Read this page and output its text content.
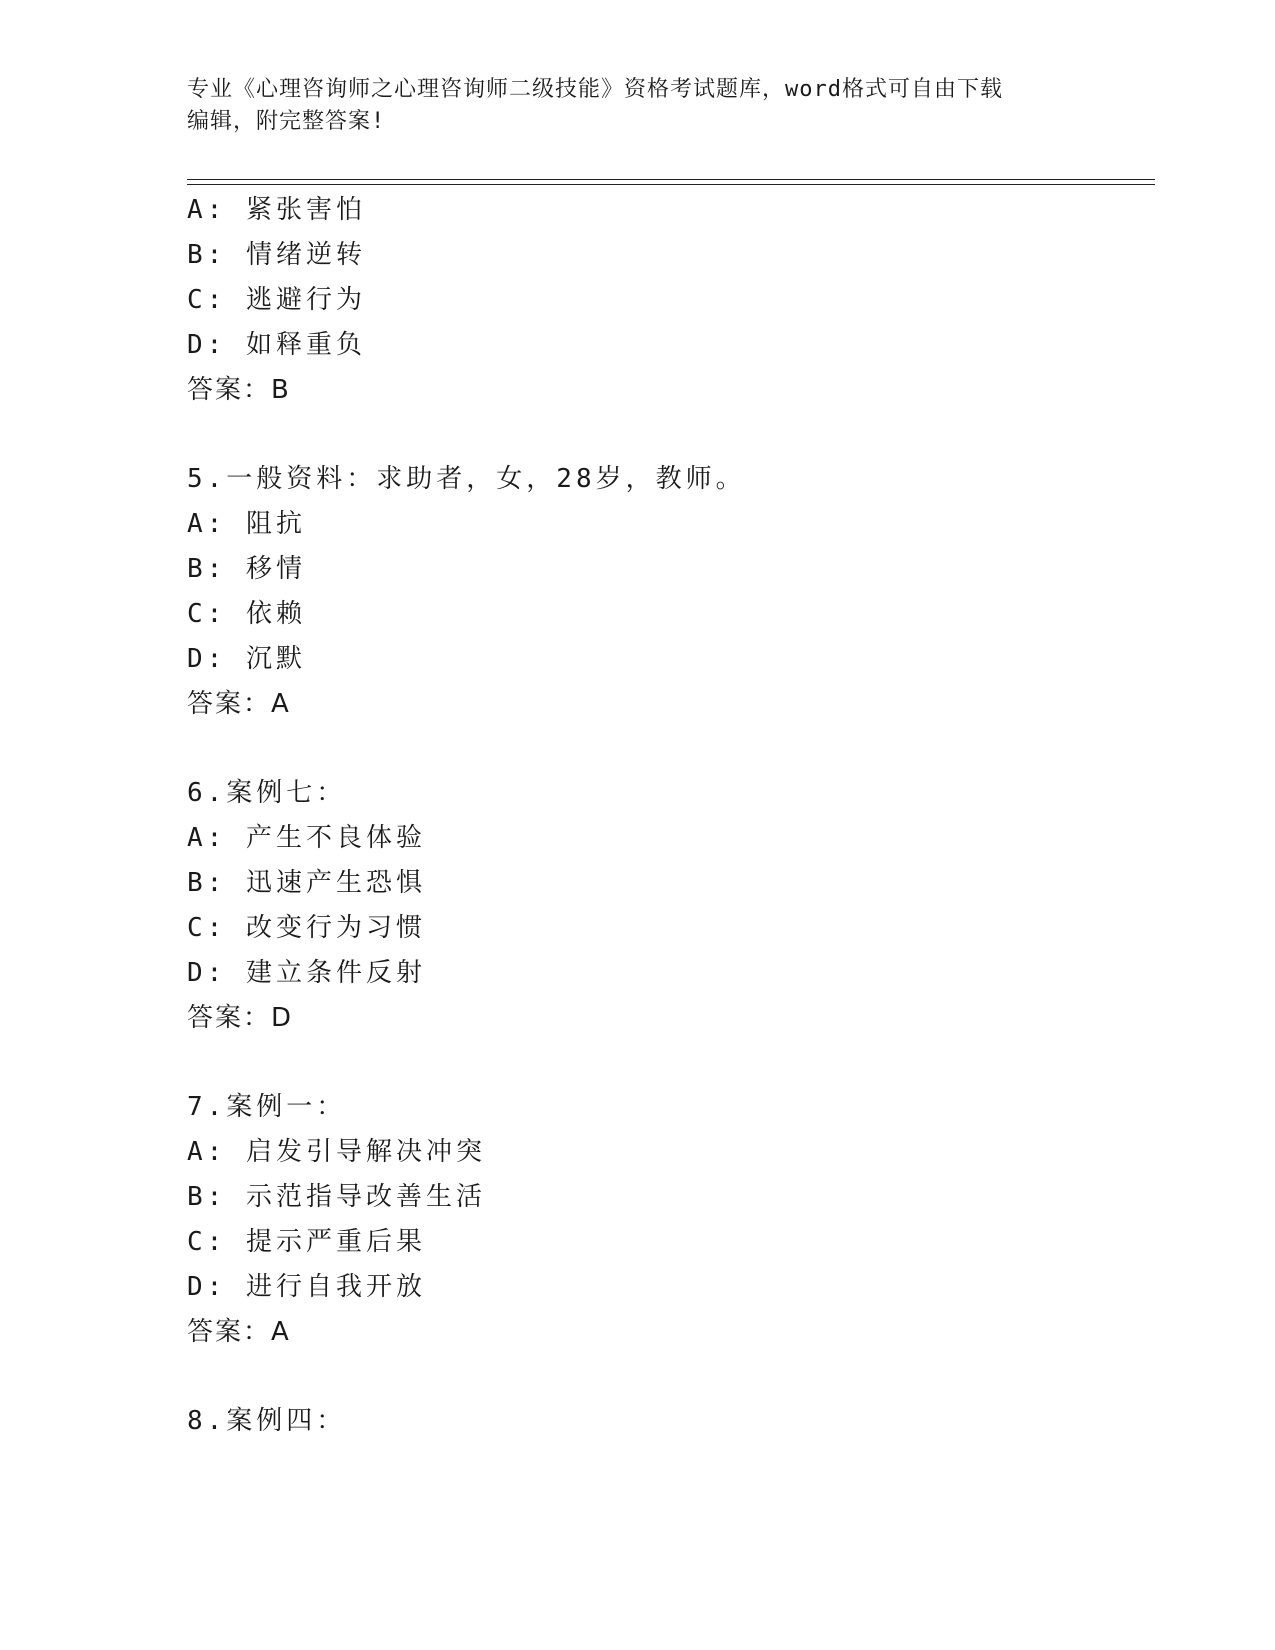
专业《心理咨询师之心理咨询师二级技能》资格考试题库，word格式可自由下载
编辑，附完整答案!
A: 紧张害怕
B: 情绪逆转
C: 逃避行为
D: 如释重负
答案：B
5.一般资料：求助者，女，28岁，教师。
A: 阻抗
B: 移情
C: 依赖
D: 沉默
答案：A
6.案例七：
A: 产生不良体验
B: 迅速产生恐惧
C: 改变行为习惯
D: 建立条件反射
答案：D
7.案例一：
A: 启发引导解决冲突
B: 示范指导改善生活
C: 提示严重后果
D: 进行自我开放
答案：A
8.案例四：
